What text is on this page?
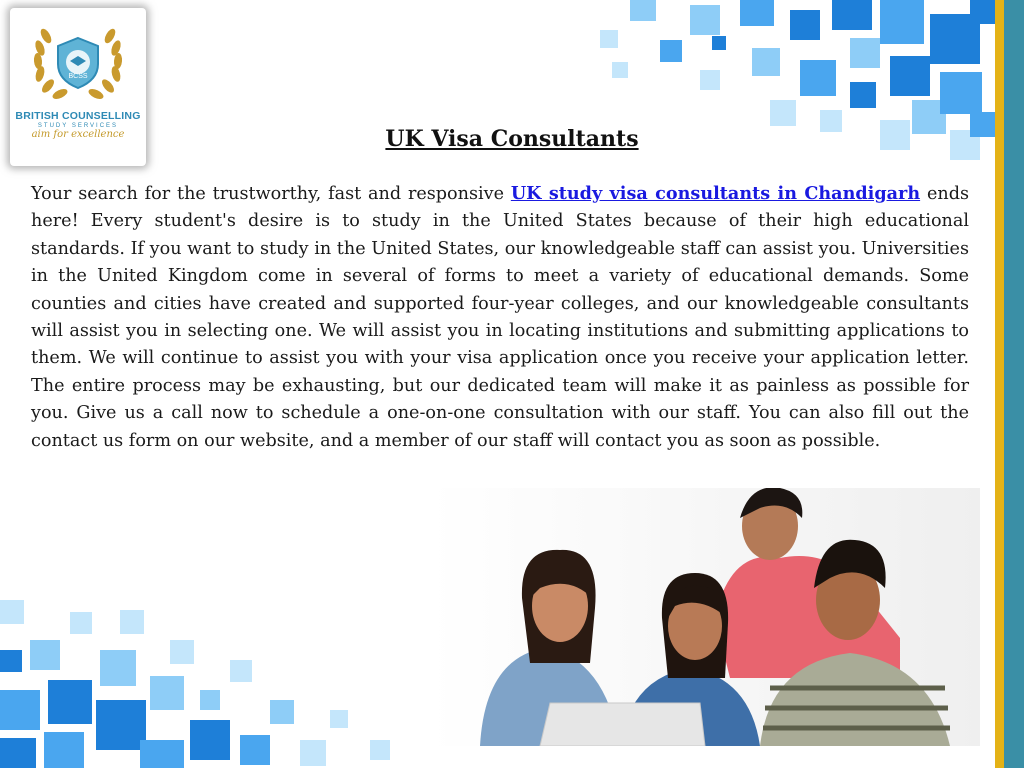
BCSS
BRITISH COUNSELLING
STUDY SERVICES
aim for excellence	UK Visa Consultants
Your search for the trustworthy, fast and responsive UK study visa consultants in Chandigarh ends here! Every student's desire is to study in the United States because of their high educational standards. If you want to study in the United States, our knowledgeable staff can assist you. Universities in the United Kingdom come in several of forms to meet a variety of educational demands. Some counties and cities have created and supported four-year colleges, and our knowledgeable consultants will assist you in selecting one. We will assist you in locating institutions and submitting applications to them. We will continue to assist you with your visa application once you receive your application letter. The entire process may be exhausting, but our dedicated team will make it as painless as possible for you. Give us a call now to schedule a one-on-one consultation with our staff. You can also fill out the contact us form on our website, and a member of our staff will contact you as soon as possible.
